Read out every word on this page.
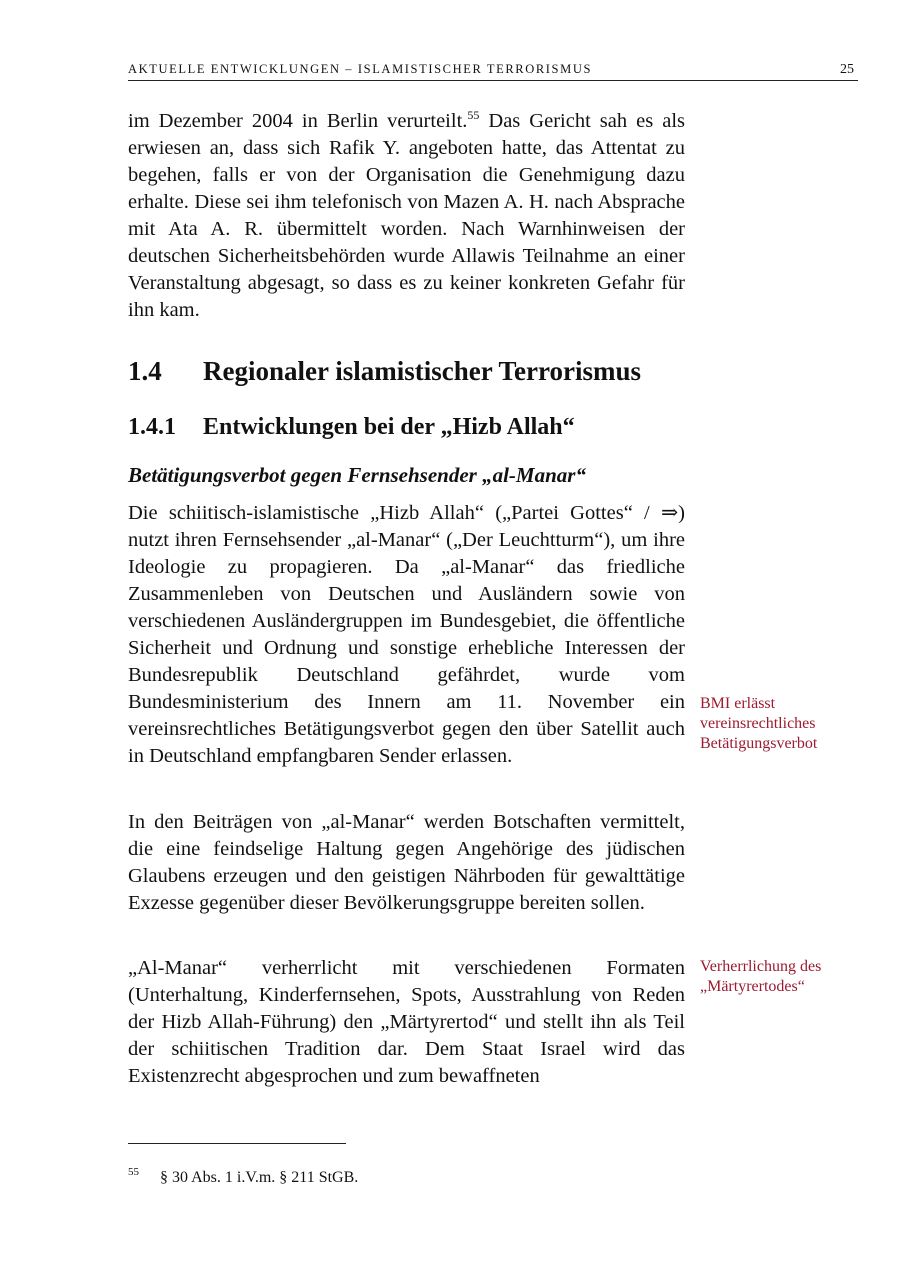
AKTUELLE ENTWICKLUNGEN – ISLAMISTISCHER TERRORISMUS	25

im Dezember 2004 in Berlin verurteilt.$^{55}$ Das Gericht sah es als erwiesen an, dass sich Rafik Y. angeboten hatte, das Attentat zu begehen, falls er von der Organisation die Genehmigung dazu erhalte. Diese sei ihm telefonisch von Mazen A. H. nach Absprache mit Ata A. R. übermittelt worden. Nach Warnhinweisen der deutschen Sicherheitsbehörden wurde Allawis Teilnahme an einer Veranstaltung abgesagt, so dass es zu keiner konkreten Gefahr für ihn kam.

1.4 Regionaler islamistischer Terrorismus
1.4.1 Entwicklungen bei der „Hizb Allah“
Betätigungsverbot gegen Fernsehsender „al-Manar“

Die schiitisch-islamistische „Hizb Allah“ („Partei Gottes“ / ⇒) nutzt ihren Fernsehsender „al-Manar“ („Der Leuchtturm“), um ihre Ideologie zu propagieren. Da „al-Manar“ das friedliche Zusammenleben von Deutschen und Ausländern sowie von verschiedenen Ausländergruppen im Bundesgebiet, die öffentliche Sicherheit und Ordnung und sonstige erhebliche Interessen der Bundesrepublik Deutschland gefährdet, wurde vom Bundesministerium des Innern am 11. November ein vereinsrechtliches Betätigungsverbot gegen den über Satellit auch in Deutschland empfangbaren Sender erlassen.

In den Beiträgen von „al-Manar“ werden Botschaften vermittelt, die eine feindselige Haltung gegen Angehörige des jüdischen Glaubens erzeugen und den geistigen Nährboden für gewalttätige Exzesse gegenüber dieser Bevölkerungsgruppe bereiten sollen.

„Al-Manar“ verherrlicht mit verschiedenen Formaten (Unterhaltung, Kinderfernsehen, Spots, Ausstrahlung von Reden der Hizb Allah-Führung) den „Märtyrertod“ und stellt ihn als Teil der schiitischen Tradition dar. Dem Staat Israel wird das Existenzrecht abgesprochen und zum bewaffneten

BMI erlässt
vereinsrechtliches
Betätigungsverbot
Verherrlichung des
„Märtyrertodes“
55 § 30 Abs. 1 i.V.m. § 211 StGB.
